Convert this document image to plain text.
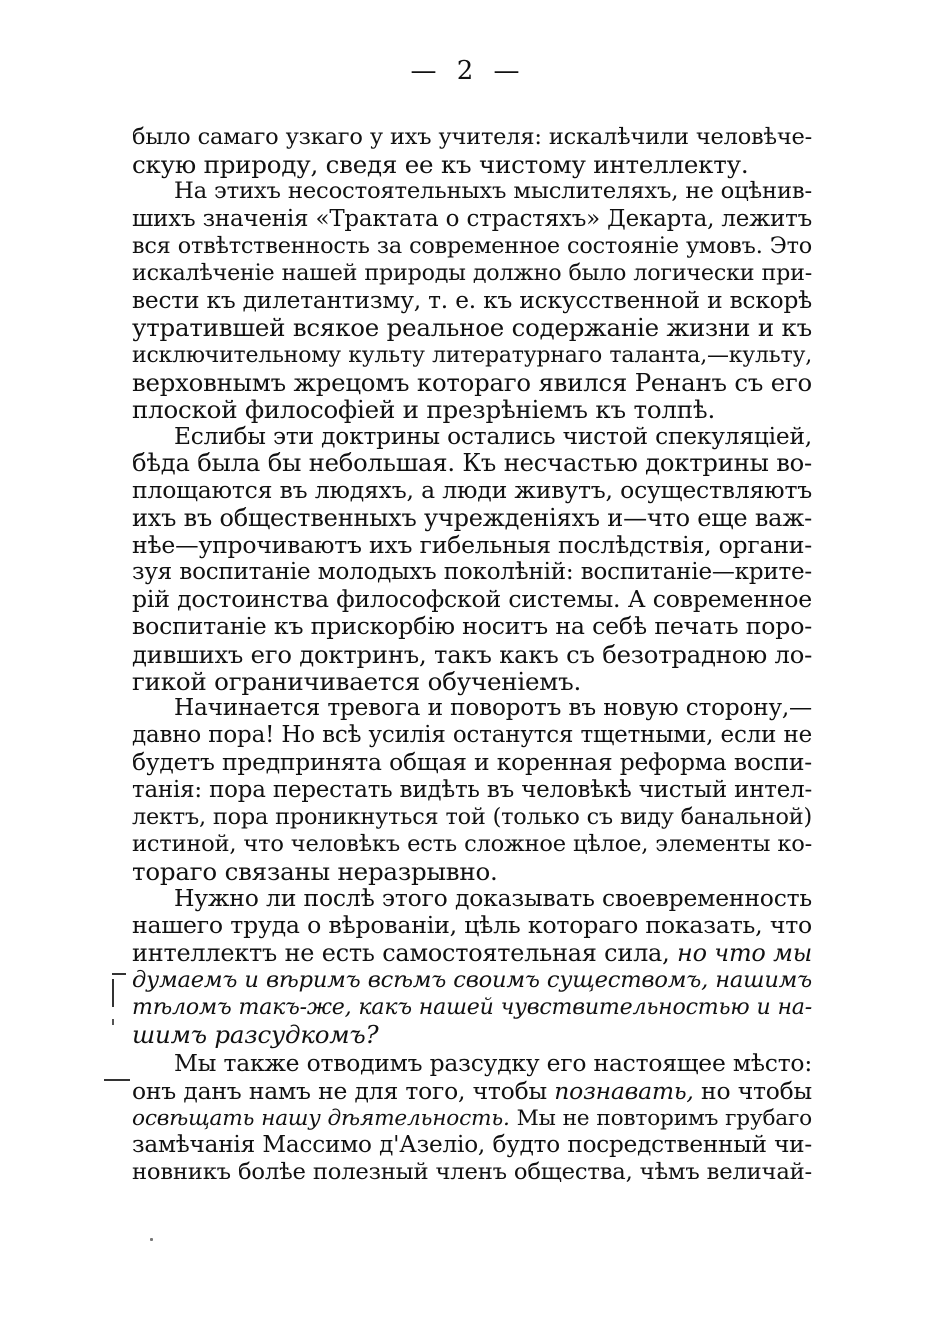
— 2 —
было самаго узкаго у ихъ учителя: искалѣчили человѣче-
скую природу, сведя ее къ чистому интеллекту.
На этихъ несостоятельныхъ мыслителяхъ, не оцѣнив-
шихъ значенія «Трактата о страстяхъ» Декарта, лежитъ
вся отвѣтственность за современное состояніе умовъ. Это
искалѣченіе нашей природы должно было логически при-
вести къ дилетантизму, т. е. къ искусственной и вскорѣ
утратившей всякое реальное содержаніе жизни и къ
исключительному культу литературнаго таланта,—культу,
верховнымъ жрецомъ котораго явился Ренанъ съ его
плоской философіей и презрѣніемъ къ толпѣ.
Еслибы эти доктрины остались чистой спекуляціей,
бѣда была бы небольшая. Къ несчастью доктрины во-
площаются въ людяхъ, а люди живутъ, осуществляютъ
ихъ въ общественныхъ учрежденіяхъ и—что еще важ-
нѣе—упрочиваютъ ихъ гибельныя послѣдствія, органи-
зуя воспитаніе молодыхъ поколѣній: воспитаніе—крите-
рій достоинства философской системы. А современное
воспитаніе къ прискорбію носитъ на себѣ печать поро-
дившихъ его доктринъ, такъ какъ съ безотрадною ло-
гикой ограничивается обученіемъ.
Начинается тревога и поворотъ въ новую сторону,—
давно пора! Но всѣ усилія останутся тщетными, если не
будетъ предпринята общая и коренная реформа воспи-
танія: пора перестать видѣть въ человѣкѣ чистый интел-
лектъ, пора проникнуться той (только съ виду банальной)
истиной, что человѣкъ есть сложное цѣлое, элементы ко-
тораго связаны неразрывно.
Нужно ли послѣ этого доказывать своевременность
нашего труда о вѣрованіи, цѣль котораго показать, что
интеллектъ не есть самостоятельная сила, но что мы
думаемъ и вѣримъ всѣмъ своимъ существомъ, нашимъ
тѣломъ такъ-же, какъ нашей чувствительностью и на-
шимъ разсудкомъ?
Мы также отводимъ разсудку его настоящее мѣсто:
онъ данъ намъ не для того, чтобы познавать, но чтобы
освѣщать нашу дѣятельность. Мы не повторимъ грубаго
замѣчанія Массимо д'Азеліо, будто посредственный чи-
новникъ болѣе полезный членъ общества, чѣмъ величай-
